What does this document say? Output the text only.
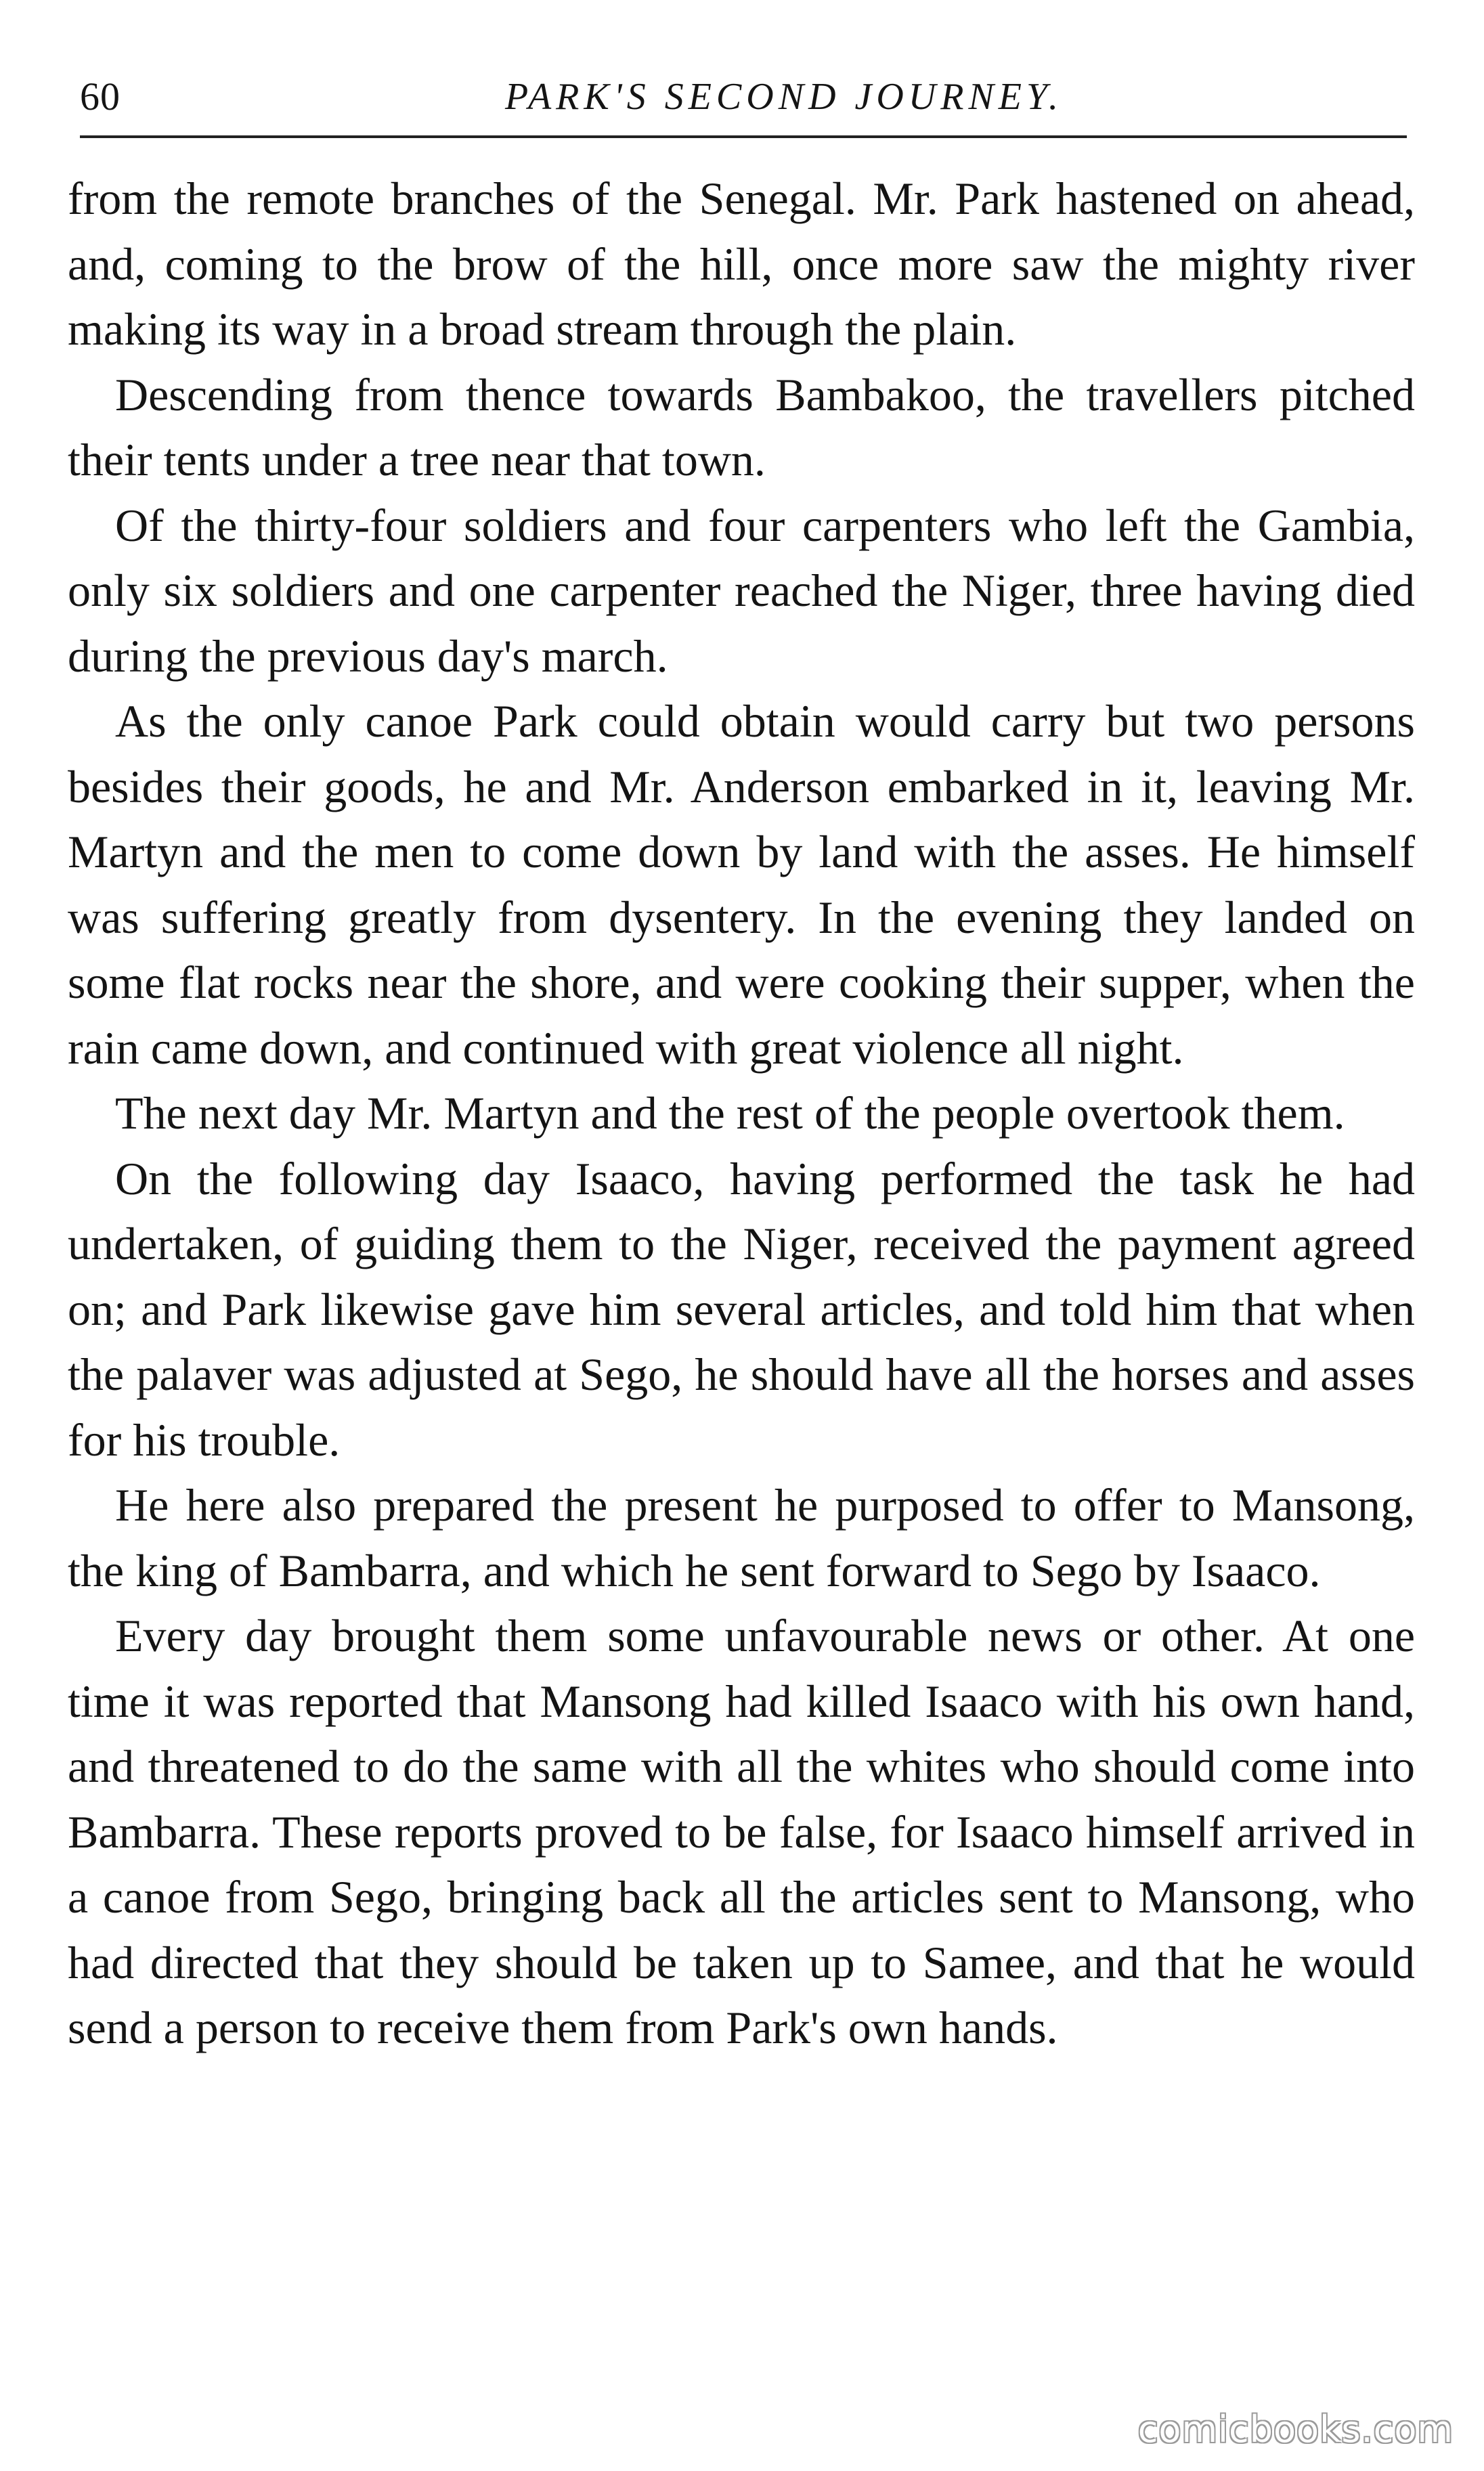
60	PARK'S SECOND JOURNEY.

from the remote branches of the Senegal. Mr. Park hastened on ahead, and, coming to the brow of the hill, once more saw the mighty river making its way in a broad stream through the plain.

Descending from thence towards Bambakoo, the travellers pitched their tents under a tree near that town.

Of the thirty-four soldiers and four carpenters who left the Gambia, only six soldiers and one carpenter reached the Niger, three having died during the previous day's march.

As the only canoe Park could obtain would carry but two persons besides their goods, he and Mr. Anderson embarked in it, leaving Mr. Martyn and the men to come down by land with the asses. He himself was suffering greatly from dysentery. In the evening they landed on some flat rocks near the shore, and were cooking their supper, when the rain came down, and continued with great violence all night.

The next day Mr. Martyn and the rest of the people overtook them.

On the following day Isaaco, having performed the task he had undertaken, of guiding them to the Niger, received the payment agreed on; and Park likewise gave him several articles, and told him that when the palaver was adjusted at Sego, he should have all the horses and asses for his trouble.

He here also prepared the present he purposed to offer to Mansong, the king of Bambarra, and which he sent forward to Sego by Isaaco.

Every day brought them some unfavourable news or other. At one time it was reported that Mansong had killed Isaaco with his own hand, and threatened to do the same with all the whites who should come into Bambarra. These reports proved to be false, for Isaaco himself arrived in a canoe from Sego, bringing back all the articles sent to Mansong, who had directed that they should be taken up to Samee, and that he would send a person to receive them from Park's own hands.

comicbooks.com
